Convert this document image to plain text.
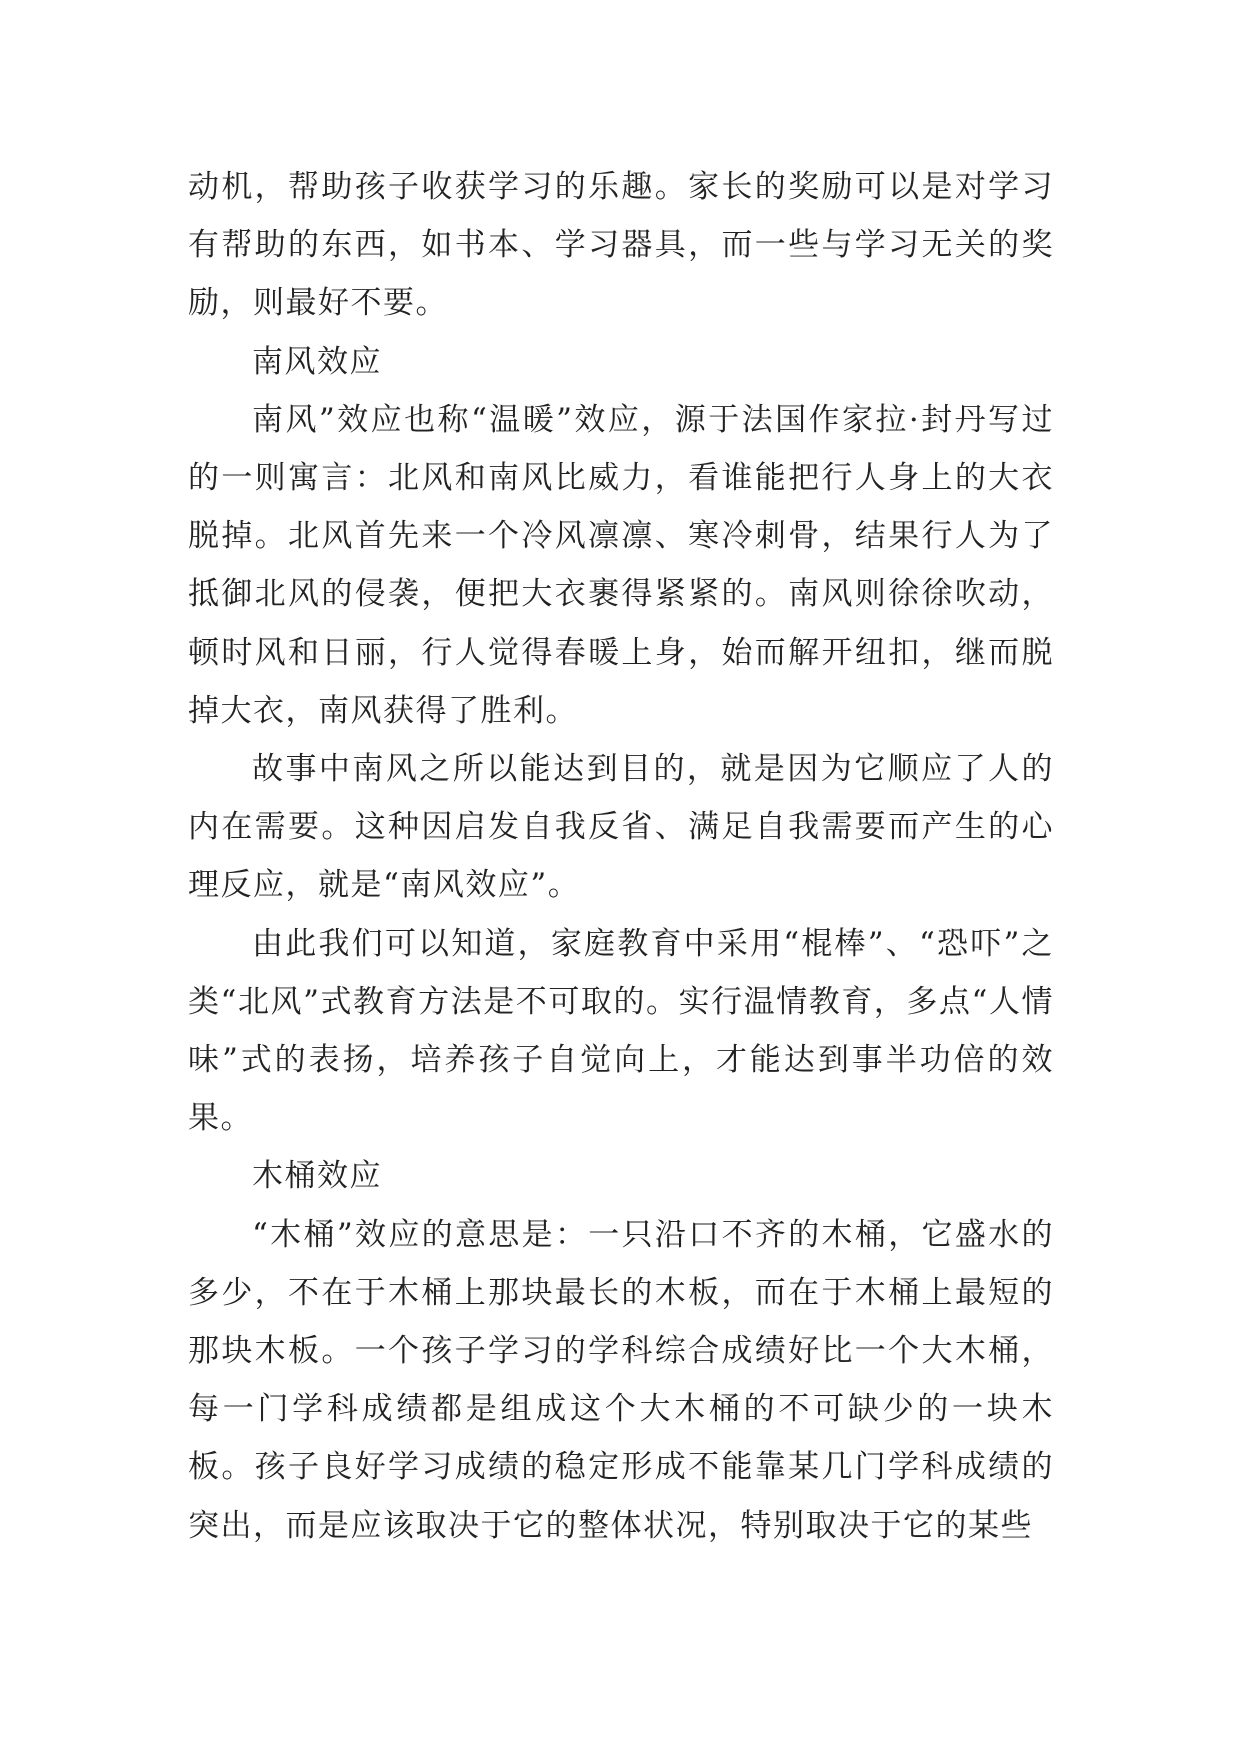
动机，帮助孩子收获学习的乐趣。家长的奖励可以是对学习有帮助的东西，如书本、学习器具，而一些与学习无关的奖励，则最好不要。

南风效应

南风”效应也称“温暖”效应，源于法国作家拉·封丹写过的一则寓言：北风和南风比威力，看谁能把行人身上的大衣脱掉。北风首先来一个冷风凛凛、寒冷刺骨，结果行人为了抵御北风的侵袭，便把大衣裹得紧紧的。南风则徐徐吹动，顿时风和日丽，行人觉得春暖上身，始而解开纽扣，继而脱掉大衣，南风获得了胜利。

故事中南风之所以能达到目的，就是因为它顺应了人的内在需要。这种因启发自我反省、满足自我需要而产生的心理反应，就是“南风效应”。

由此我们可以知道，家庭教育中采用“棍棒”、“恐吓”之类“北风”式教育方法是不可取的。实行温情教育，多点“人情味”式的表扬，培养孩子自觉向上，才能达到事半功倍的效果。

木桶效应

“木桶”效应的意思是：一只沿口不齐的木桶，它盛水的多少，不在于木桶上那块最长的木板，而在于木桶上最短的那块木板。一个孩子学习的学科综合成绩好比一个大木桶，每一门学科成绩都是组成这个大木桶的不可缺少的一块木板。孩子良好学习成绩的稳定形成不能靠某几门学科成绩的突出，而是应该取决于它的整体状况，特别取决于它的某些
